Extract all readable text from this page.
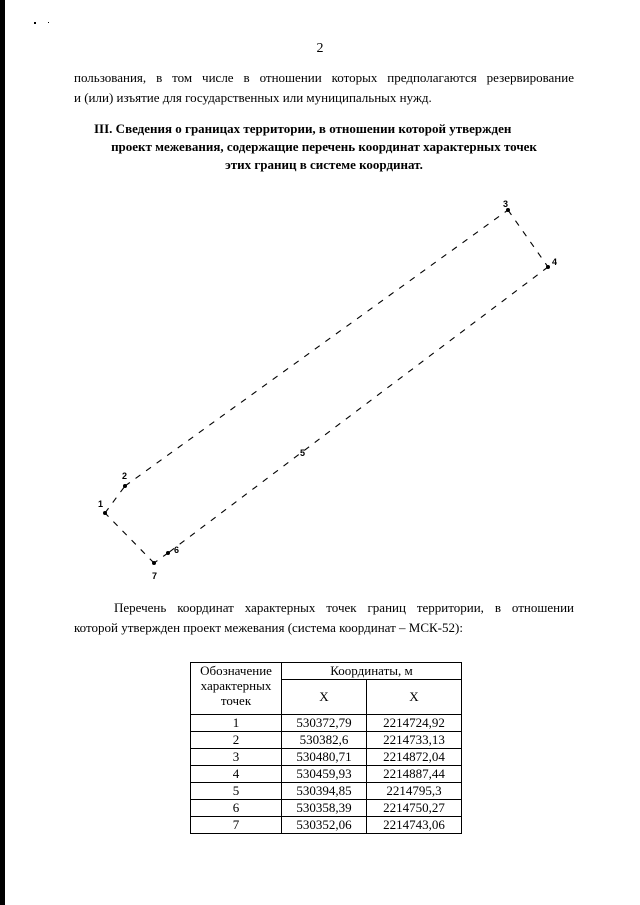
2
пользования, в том числе в отношении которых предполагаются резервирование
и (или) изъятие для государственных или муниципальных нужд.
III. Сведения о границах территории, в отношении которой утвержден
проект межевания, содержащие перечень координат характерных точек
этих границ в системе координат.
1
2
3
4
5
6
7
Перечень координат характерных точек границ территории, в отношении
которой утвержден проект межевания (система координат – МСК-52):
Обозначение
характерных точек	Координаты, м	
	X	X
1	530372,79	2214724,92
2	530382,6	2214733,13
3	530480,71	2214872,04
4	530459,93	2214887,44
5	530394,85	2214795,3
6	530358,39	2214750,27
7	530352,06	2214743,06
